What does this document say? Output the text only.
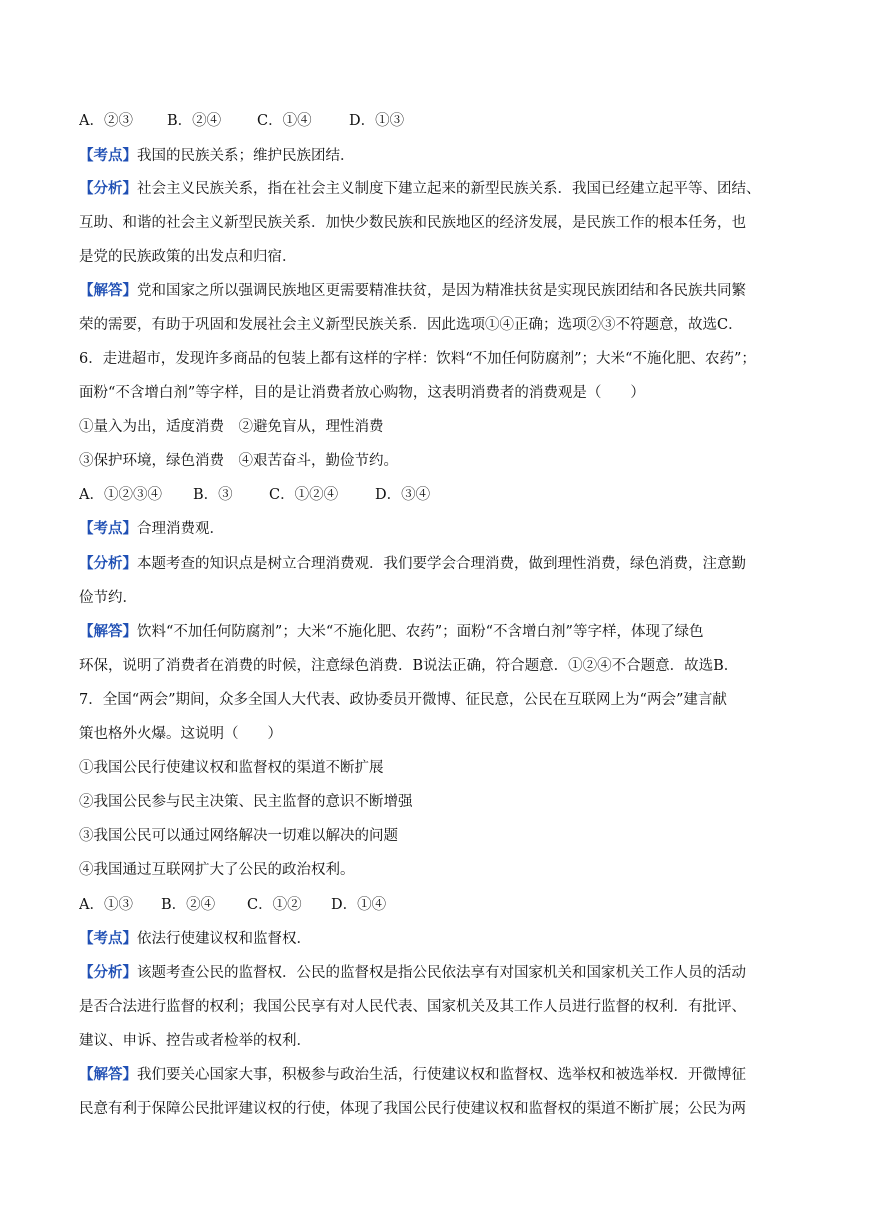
A．②③ B．②④ C．①④	D．①③
【考点】我国的民族关系；维护民族团结．
【分析】社会主义民族关系，指在社会主义制度下建立起来的新型民族关系．我国已经建立起平等、团结、
互助、和谐的社会主义新型民族关系．加快少数民族和民族地区的经济发展，是民族工作的根本任务，也
是党的民族政策的出发点和归宿．
【解答】党和国家之所以强调民族地区更需要精准扶贫，是因为精准扶贫是实现民族团结和各民族共同繁
荣的需要，有助于巩固和发展社会主义新型民族关系．因此选项①④正确；选项②③不符题意，故选C．
6．走进超市，发现许多商品的包装上都有这样的字样：饮料“不加任何防腐剂”；大米“不施化肥、农药”；
面粉“不含增白剂”等字样，目的是让消费者放心购物，这表明消费者的消费观是（　　）
①量入为出，适度消费　②避免盲从，理性消费
③保护环境，绿色消费　④艰苦奋斗，勤俭节约。
A．①②③④ B．③	C．①②④	D．③④
【考点】合理消费观．
【分析】本题考查的知识点是树立合理消费观．我们要学会合理消费，做到理性消费，绿色消费，注意勤
俭节约．
【解答】饮料“不加任何防腐剂”；大米“不施化肥、农药”；面粉“不含增白剂”等字样，体现了绿色
环保，说明了消费者在消费的时候，注意绿色消费．B说法正确，符合题意．①②④不合题意．故选B．
7．全国“两会”期间，众多全国人大代表、政协委员开微博、征民意，公民在互联网上为“两会”建言献
策也格外火爆。这说明（　　）
①我国公民行使建议权和监督权的渠道不断扩展
②我国公民参与民主决策、民主监督的意识不断增强
③我国公民可以通过网络解决一切难以解决的问题
④我国通过互联网扩大了公民的政治权利。
A．①③ B．②④ C．①② D．①④
【考点】依法行使建议权和监督权．
【分析】该题考查公民的监督权．公民的监督权是指公民依法享有对国家机关和国家机关工作人员的活动
是否合法进行监督的权利；我国公民享有对人民代表、国家机关及其工作人员进行监督的权利．有批评、
建议、申诉、控告或者检举的权利．
【解答】我们要关心国家大事，积极参与政治生活，行使建议权和监督权、选举权和被选举权．开微博征
民意有利于保障公民批评建议权的行使，体现了我国公民行使建议权和监督权的渠道不断扩展；公民为两
